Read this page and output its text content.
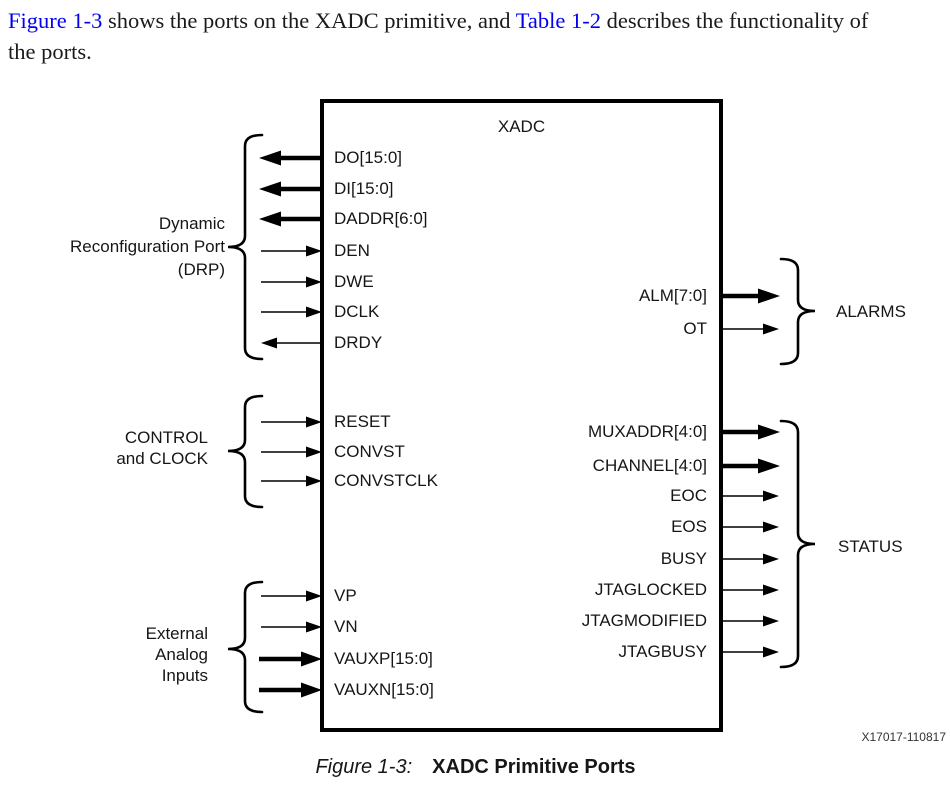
Figure 1-3 shows the ports on the XADC primitive, and Table 1-2 describes the functionality of the ports.
XADC
DO[15:0]
DI[15:0]
DADDR[6:0]
DEN
DWE
DCLK
DRDY
RESET
CONVST
CONVSTCLK
VP
VN
VAUXP[15:0]
VAUXN[15:0]
ALM[7:0]
OT
MUXADDR[4:0]
CHANNEL[4:0]
EOC
EOS
BUSY
JTAGLOCKED
JTAGMODIFIED
JTAGBUSY
Dynamic
Reconfiguration Port
(DRP)
CONTROL
and CLOCK
External
Analog
Inputs
ALARMS
STATUS
X17017-110817
Figure 1-3: XADC Primitive Ports
